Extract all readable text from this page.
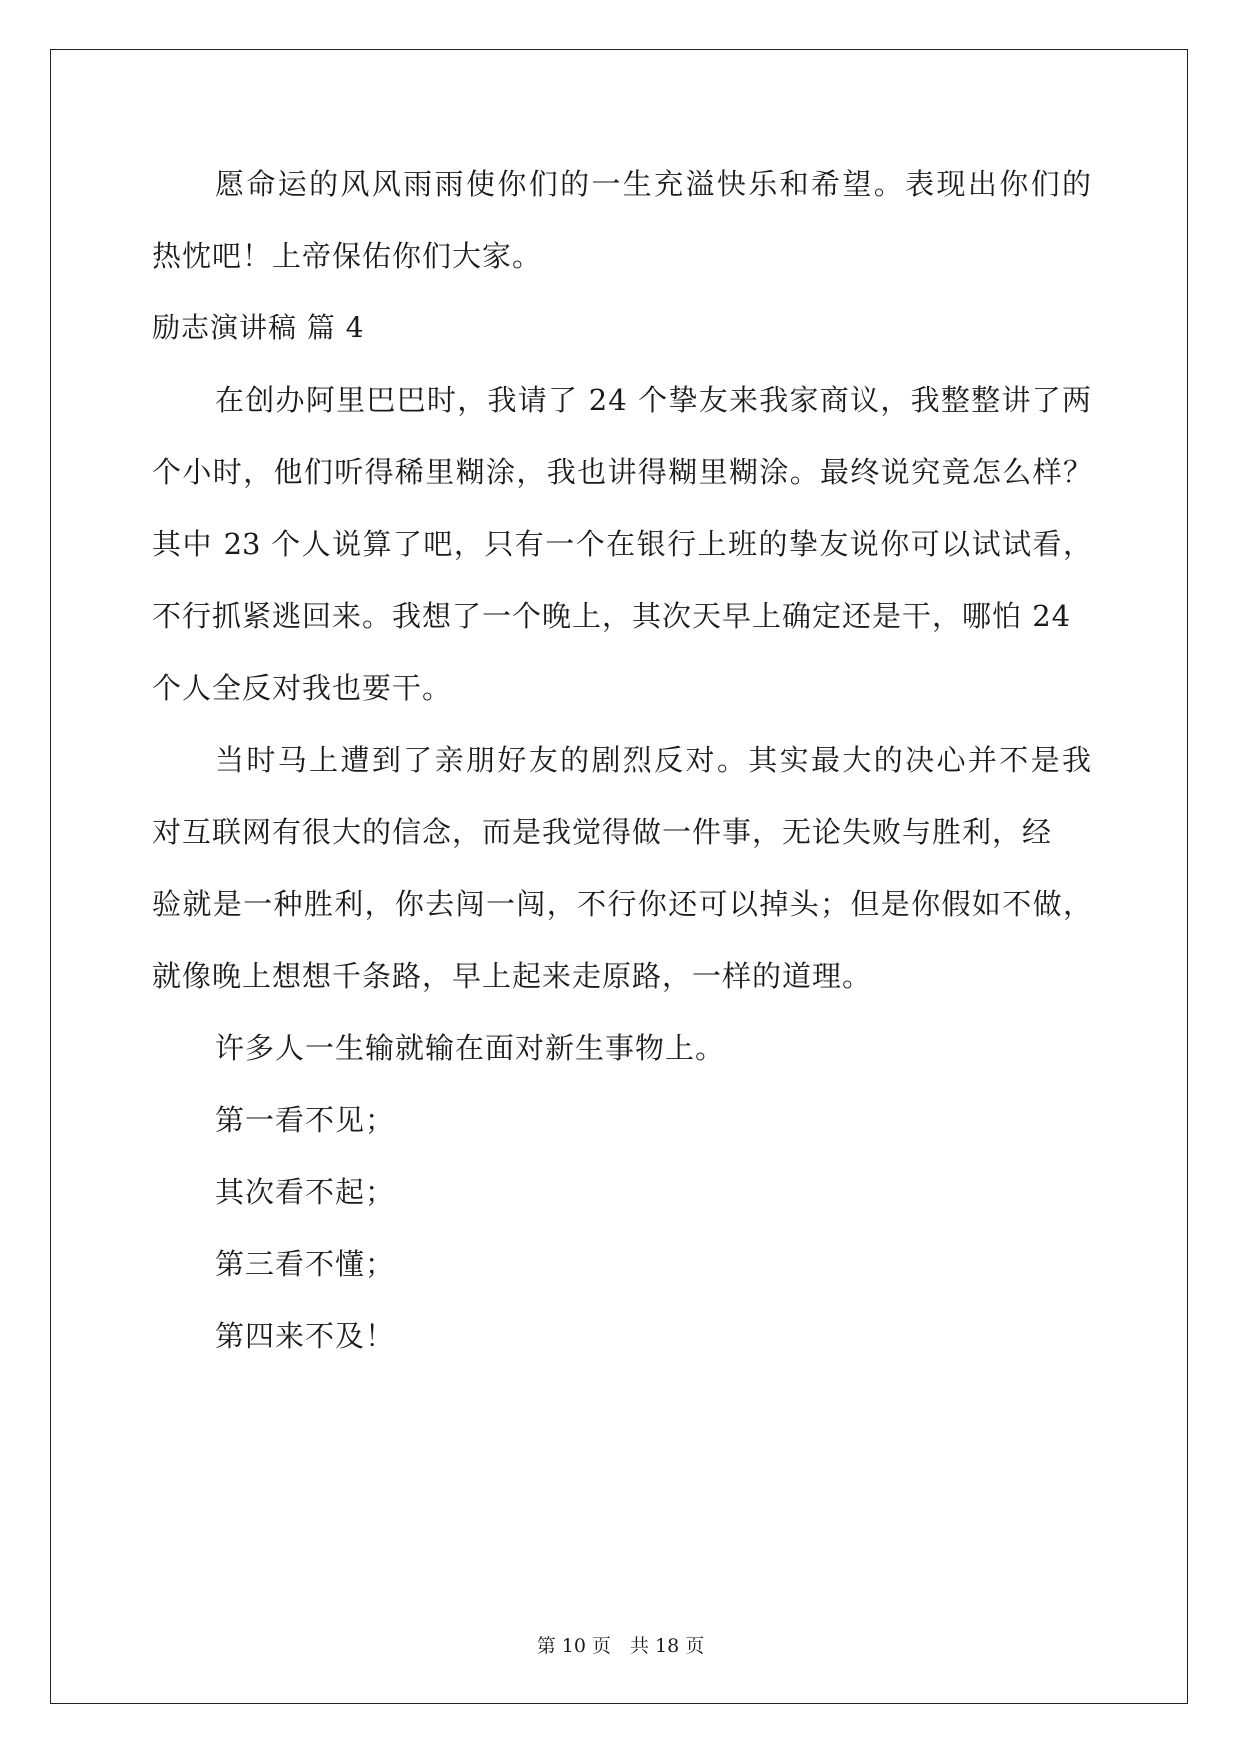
愿命运的风风雨雨使你们的一生充溢快乐和希望。表现出你们的
热忱吧！上帝保佑你们大家。
励志演讲稿 篇 4
在创办阿里巴巴时，我请了 24 个挚友来我家商议，我整整讲了两
个小时，他们听得稀里糊涂，我也讲得糊里糊涂。最终说究竟怎么样？
其中 23 个人说算了吧，只有一个在银行上班的挚友说你可以试试看，
不行抓紧逃回来。我想了一个晚上，其次天早上确定还是干，哪怕 24
个人全反对我也要干。
当时马上遭到了亲朋好友的剧烈反对。其实最大的决心并不是我
对互联网有很大的信念，而是我觉得做一件事，无论失败与胜利，经
验就是一种胜利，你去闯一闯，不行你还可以掉头；但是你假如不做，
就像晚上想想千条路，早上起来走原路，一样的道理。
许多人一生输就输在面对新生事物上。
第一看不见；
其次看不起；
第三看不懂；
第四来不及！
第 10 页　共 18 页
